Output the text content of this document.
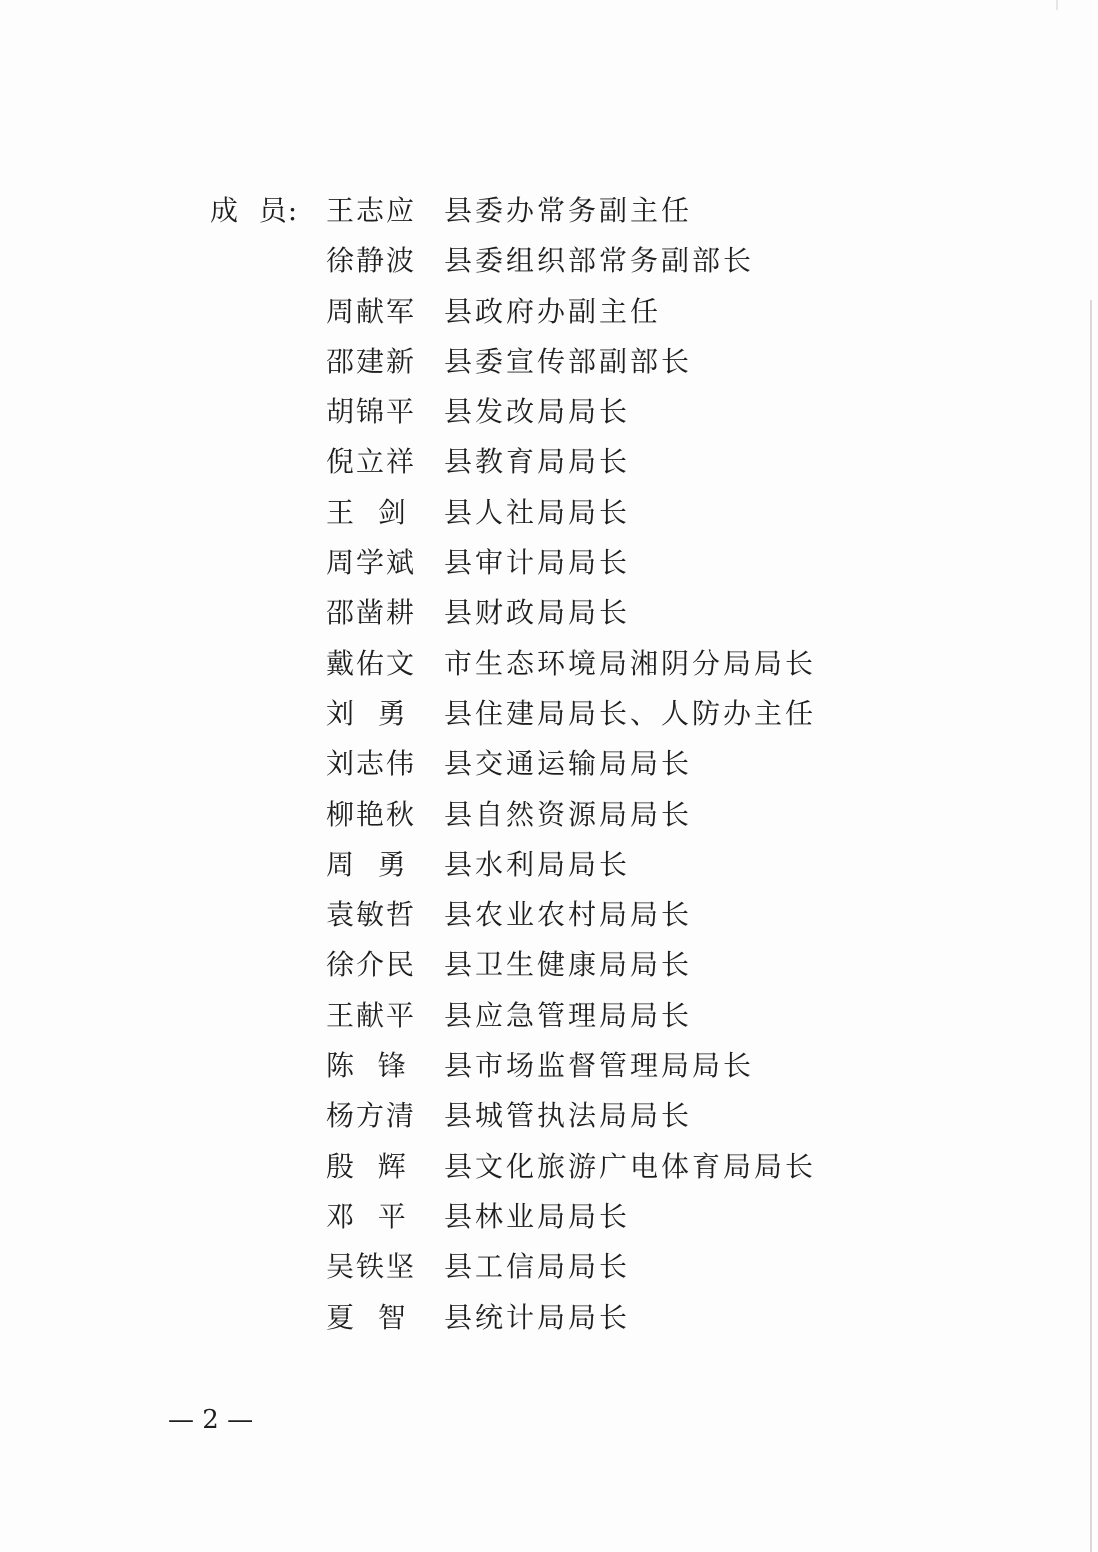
成  员: 王志应 县委办常务副主任
徐静波 县委组织部常务副部长
周献军 县政府办副主任
邵建新 县委宣传部副部长
胡锦平 县发改局局长
倪立祥 县教育局局长
王  剑	县人社局局长
周学斌 县审计局局长
邵凿耕 县财政局局长
戴佑文 市生态环境局湘阴分局局长
刘  勇	县住建局局长、人防办主任
刘志伟 县交通运输局局长
柳艳秋 县自然资源局局长
周  勇	县水利局局长
袁敏哲 县农业农村局局长
徐介民 县卫生健康局局长
王献平 县应急管理局局长
陈  锋	县市场监督管理局局长
杨方清 县城管执法局局长
殷  辉	县文化旅游广电体育局局长
邓  平	县林业局局长
吴铁坚 县工信局局长
夏  智	县统计局局长
— 2 —
